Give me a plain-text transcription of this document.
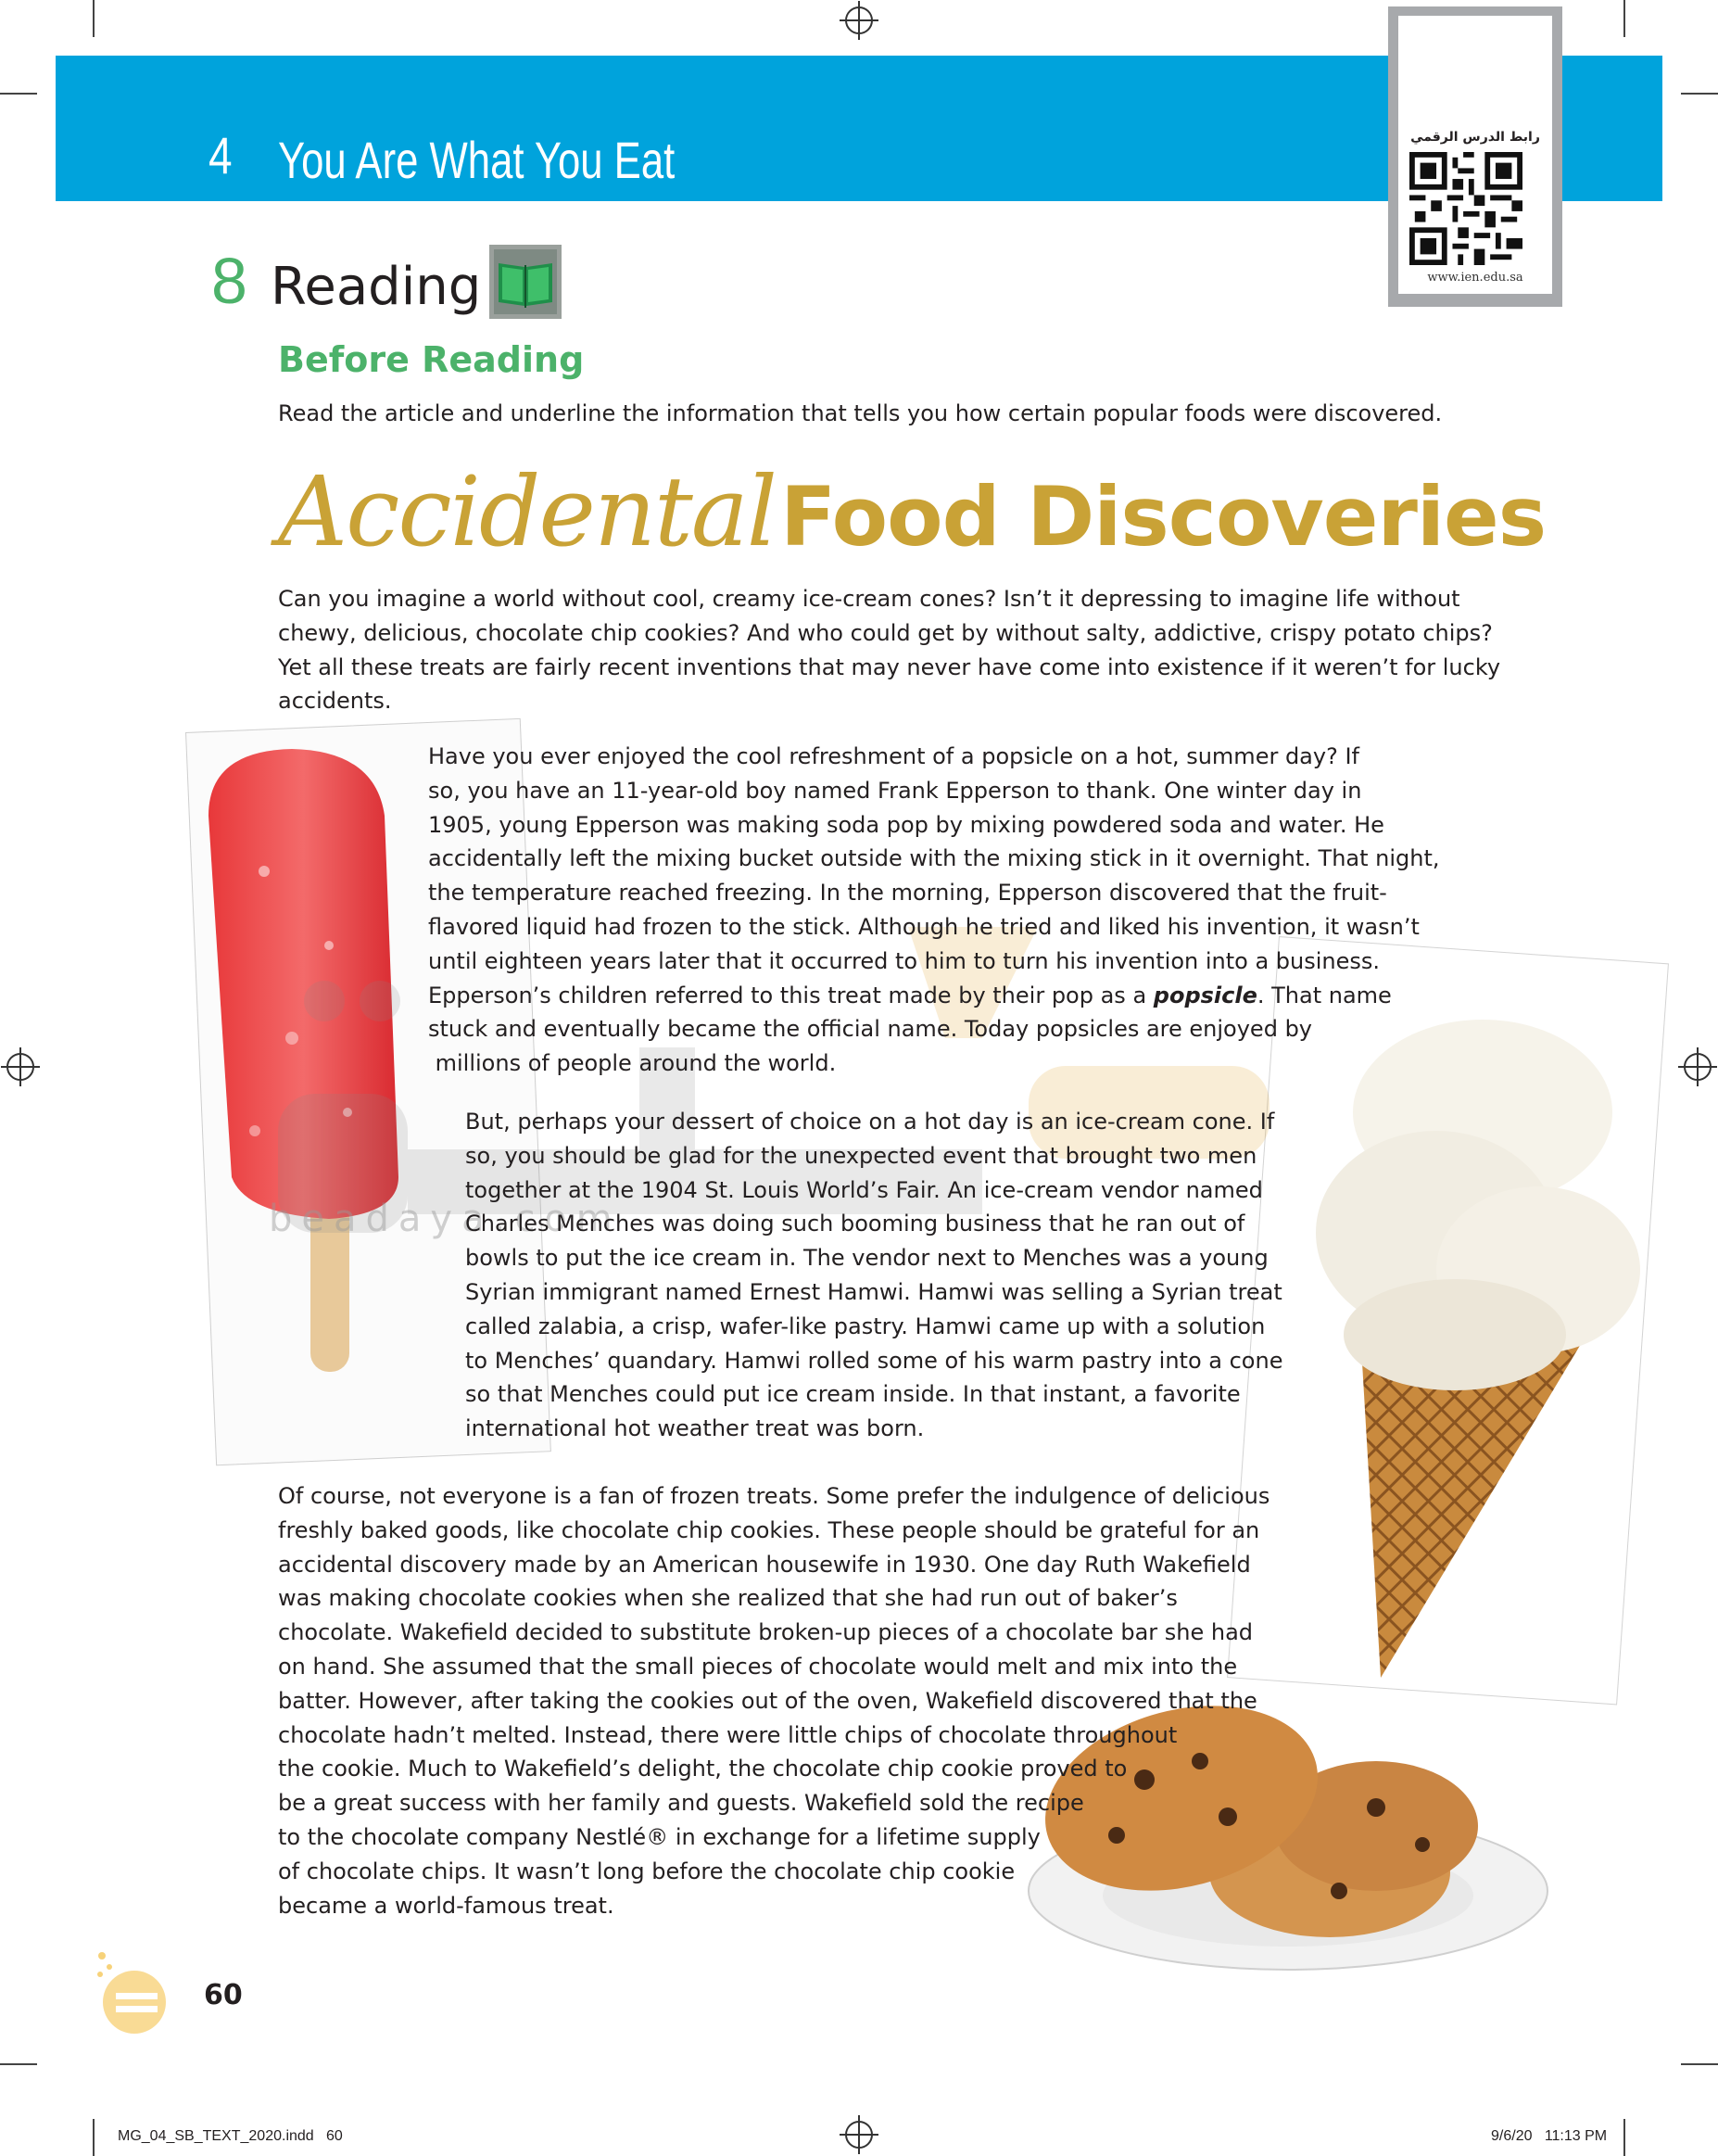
4 You Are What You Eat	رابط الدرس الرقمي
www.ien.edu.sa
8 Reading
Before Reading
Read the article and underline the information that tells you how certain popular foods were discovered.
Accidental Food Discoveries
beadaya.com
Can you imagine a world without cool, creamy ice-cream cones? Isn’t it depressing to imagine life without
chewy, delicious, chocolate chip cookies? And who could get by without salty, addictive, crispy potato chips?
Yet all these treats are fairly recent inventions that may never have come into existence if it weren’t for lucky
accidents.
Have you ever enjoyed the cool refreshment of a popsicle on a hot, summer day? If
so, you have an 11-year-old boy named Frank Epperson to thank. One winter day in
1905, young Epperson was making soda pop by mixing powdered soda and water. He
accidentally left the mixing bucket outside with the mixing stick in it overnight. That night,
the temperature reached freezing. In the morning, Epperson discovered that the fruit-
flavored liquid had frozen to the stick. Although he tried and liked his invention, it wasn’t
until eighteen years later that it occurred to him to turn his invention into a business.
Epperson’s children referred to this treat made by their pop as a popsicle. That name
stuck and eventually became the official name. Today popsicles are enjoyed by
millions of people around the world.
But, perhaps your dessert of choice on a hot day is an ice-cream cone. If
so, you should be glad for the unexpected event that brought two men
together at the 1904 St. Louis World’s Fair. An ice-cream vendor named
Charles Menches was doing such booming business that he ran out of
bowls to put the ice cream in. The vendor next to Menches was a young
Syrian immigrant named Ernest Hamwi. Hamwi was selling a Syrian treat
called zalabia, a crisp, wafer-like pastry. Hamwi came up with a solution
to Menches’ quandary. Hamwi rolled some of his warm pastry into a cone
so that Menches could put ice cream inside. In that instant, a favorite
international hot weather treat was born.
Of course, not everyone is a fan of frozen treats. Some prefer the indulgence of delicious
freshly baked goods, like chocolate chip cookies. These people should be grateful for an
accidental discovery made by an American housewife in 1930. One day Ruth Wakefield
was making chocolate cookies when she realized that she had run out of baker’s
chocolate. Wakefield decided to substitute broken-up pieces of a chocolate bar she had
on hand. She assumed that the small pieces of chocolate would melt and mix into the
batter. However, after taking the cookies out of the oven, Wakefield discovered that the
chocolate hadn’t melted. Instead, there were little chips of chocolate throughout
the cookie. Much to Wakefield’s delight, the chocolate chip cookie proved to
be a great success with her family and guests. Wakefield sold the recipe
to the chocolate company Nestlé® in exchange for a lifetime supply
of chocolate chips. It wasn’t long before the chocolate chip cookie
became a world-famous treat.
60
MG_04_SB_TEXT_2020.indd   60	9/6/20   11:13 PM
